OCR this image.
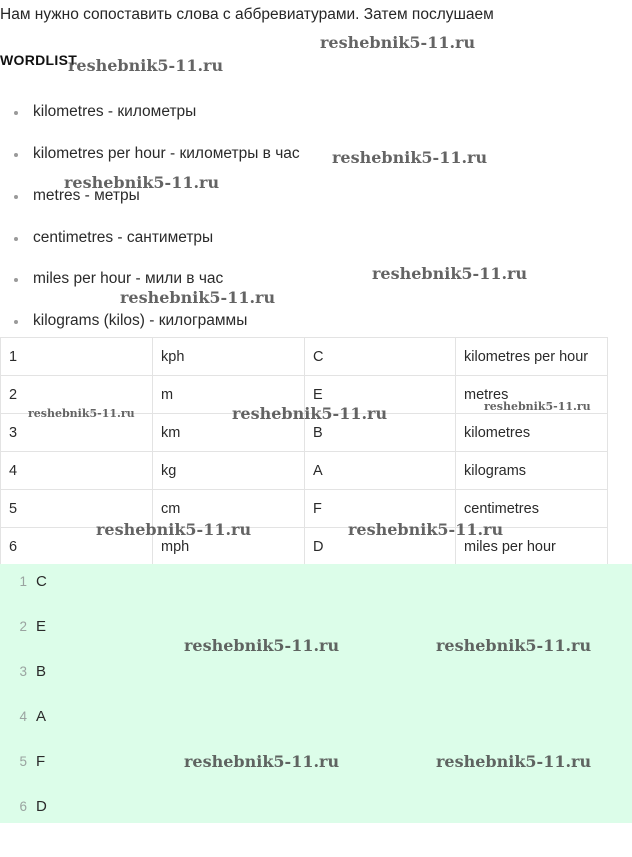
Нам нужно сопоставить слова с аббревиатурами. Затем послушаем
WORDLIST
kilometres - километры
kilometres per hour - километры в час
metres - метры
centimetres - сантиметры
miles per hour - мили в час
kilograms (kilos) - килограммы
1	kph	C	kilometres per hour
2	m	E	metres
3	km	B	kilometres
4	kg	A	kilograms
5	cm	F	centimetres
6	mph	D	miles per hour
1 C
2 E
3 B
4 A
5 F
6 D
reshebnik5-11.ru
reshebnik5-11.ru
reshebnik5-11.ru
reshebnik5-11.ru
reshebnik5-11.ru
reshebnik5-11.ru
reshebnik5-11.ru	reshebnik5-11.ru	reshebnik5-11.ru
reshebnik5-11.ru	reshebnik5-11.ru
reshebnik5-11.ru	reshebnik5-11.ru
reshebnik5-11.ru	reshebnik5-11.ru
